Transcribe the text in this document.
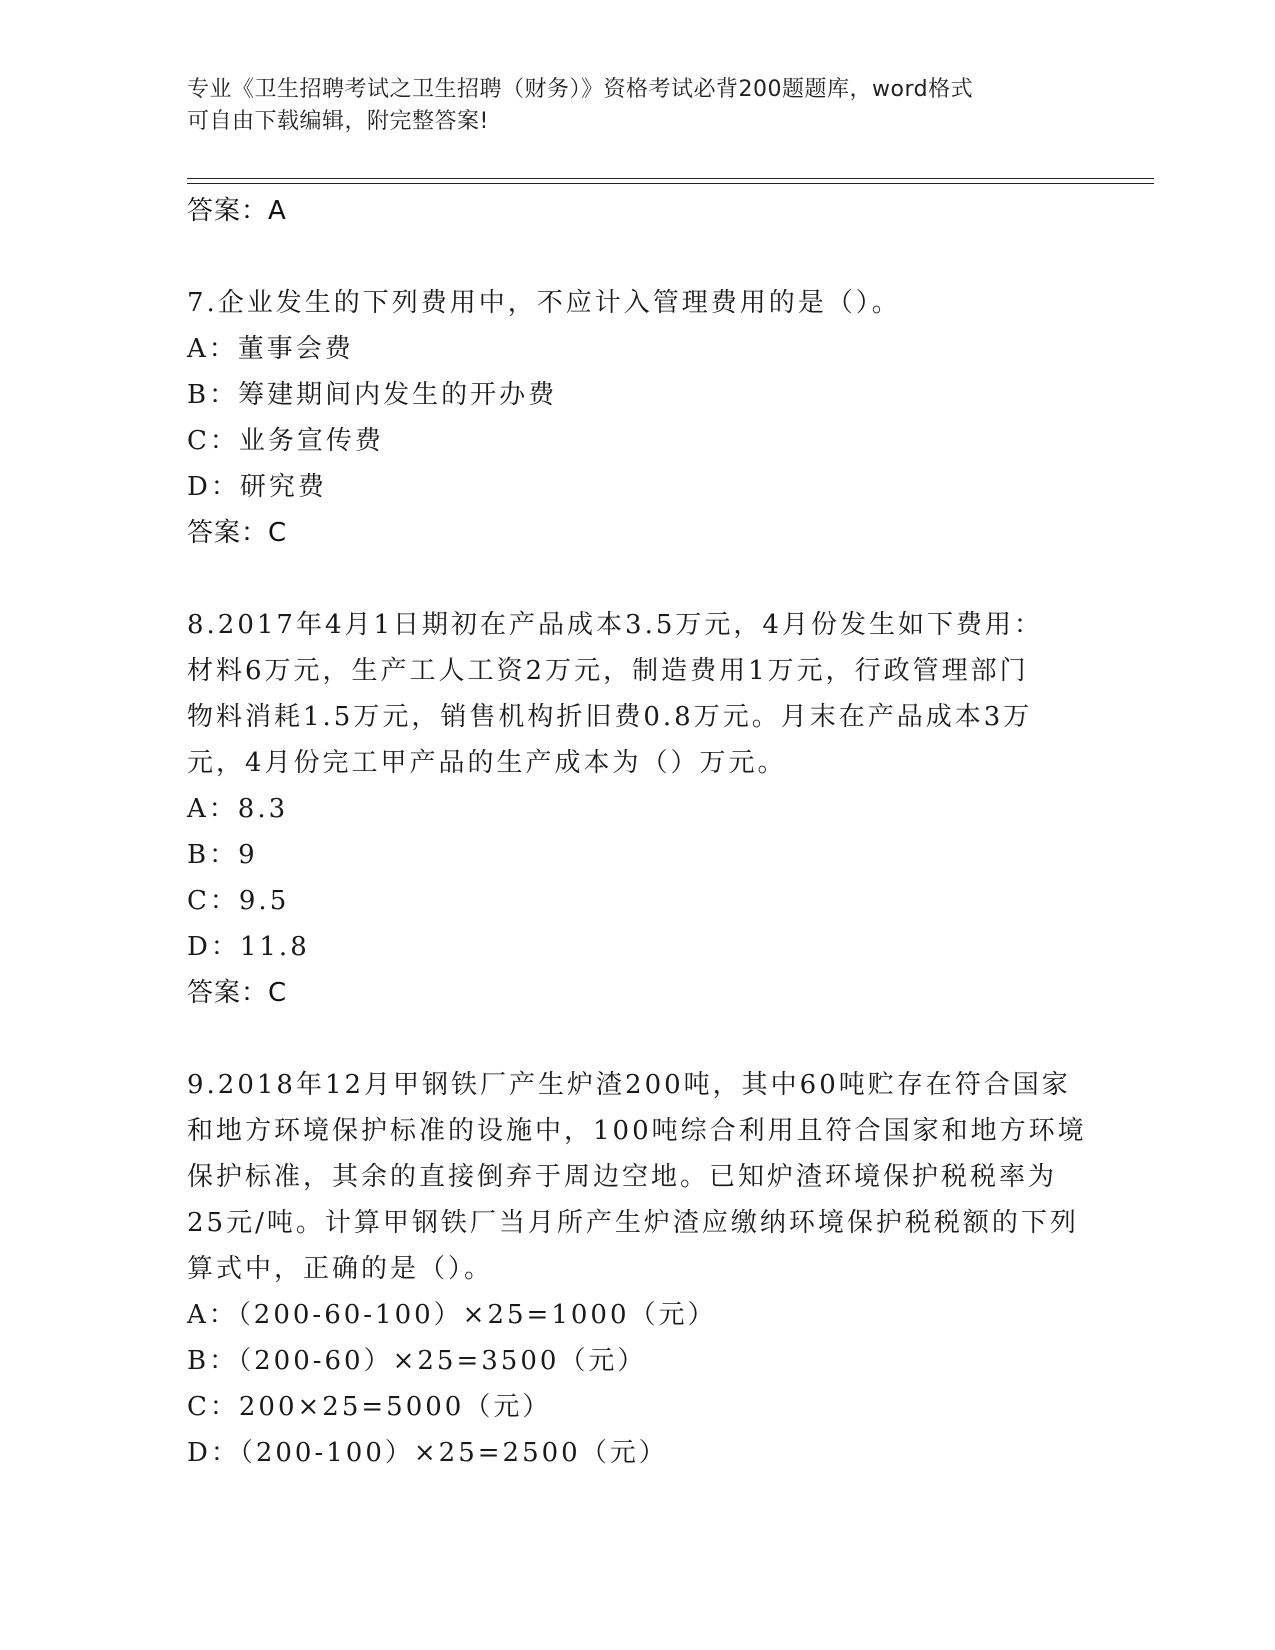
专业《卫生招聘考试之卫生招聘（财务）》资格考试必背200题题库，word格式
可自由下载编辑，附完整答案!
答案：A
7.企业发生的下列费用中，不应计入管理费用的是（）。
A：董事会费
B：筹建期间内发生的开办费
C：业务宣传费
D：研究费
答案：C
8.2017年4月1日期初在产品成本3.5万元，4月份发生如下费用：
材料6万元，生产工人工资2万元，制造费用1万元，行政管理部门
物料消耗1.5万元，销售机构折旧费0.8万元。月末在产品成本3万
元，4月份完工甲产品的生产成本为（）万元。
A：8.3
B：9
C：9.5
D：11.8
答案：C
9.2018年12月甲钢铁厂产生炉渣200吨，其中60吨贮存在符合国家
和地方环境保护标准的设施中，100吨综合利用且符合国家和地方环境
保护标准，其余的直接倒弃于周边空地。已知炉渣环境保护税税率为
25元/吨。计算甲钢铁厂当月所产生炉渣应缴纳环境保护税税额的下列
算式中，正确的是（）。
A：（200-60-100）×25=1000（元）
B：（200-60）×25=3500（元）
C：200×25=5000（元）
D：（200-100）×25=2500（元）
